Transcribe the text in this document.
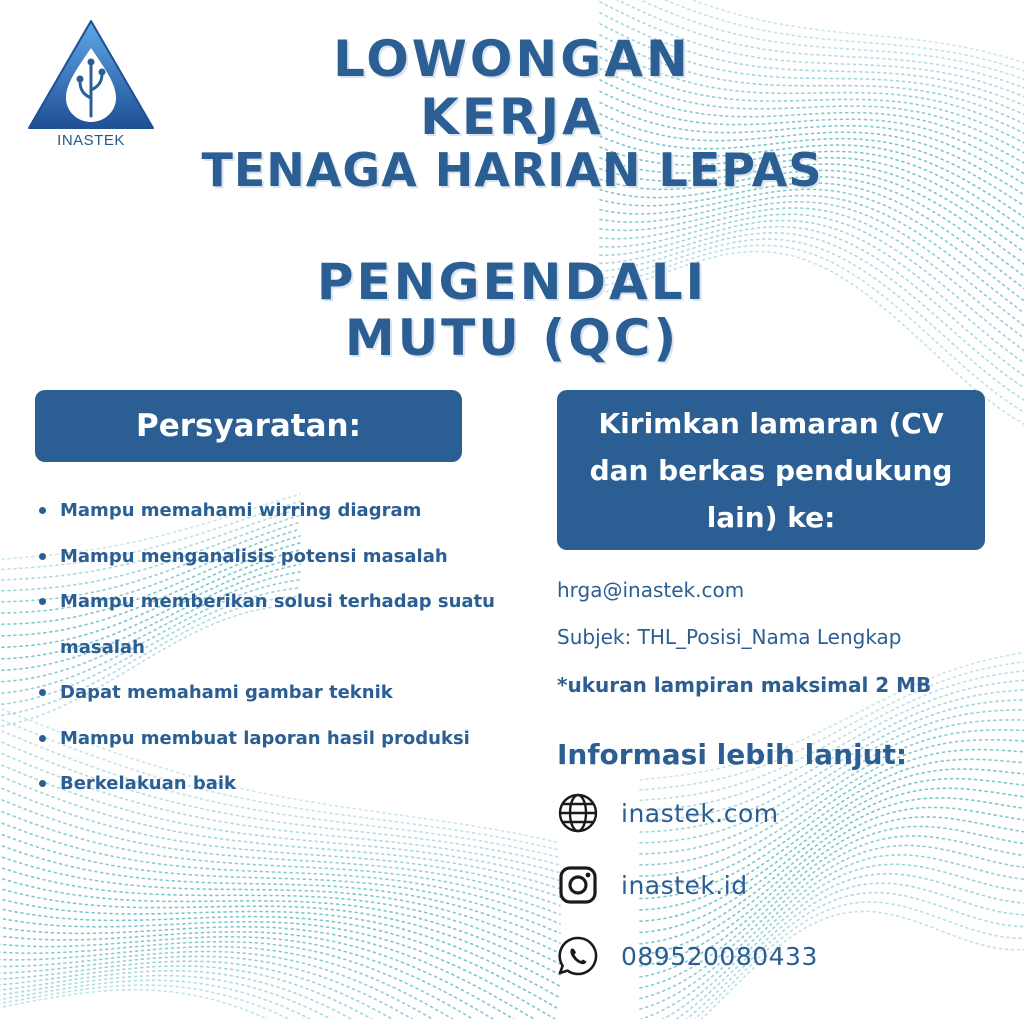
INASTEK
LOWONGAN
KERJA
TENAGA HARIAN LEPAS
PENGENDALI
MUTU (QC)
Persyaratan:
Mampu memahami wirring diagram
Mampu menganalisis potensi masalah
Mampu memberikan solusi terhadap suatu
masalah
Dapat memahami gambar teknik
Mampu membuat laporan hasil produksi
Berkelakuan baik
Kirimkan lamaran (CV
dan berkas pendukung
lain) ke:
hrga@inastek.com
Subjek: THL_Posisi_Nama Lengkap
*ukuran lampiran maksimal 2 MB
Informasi lebih lanjut:
inastek.com
inastek.id
089520080433
